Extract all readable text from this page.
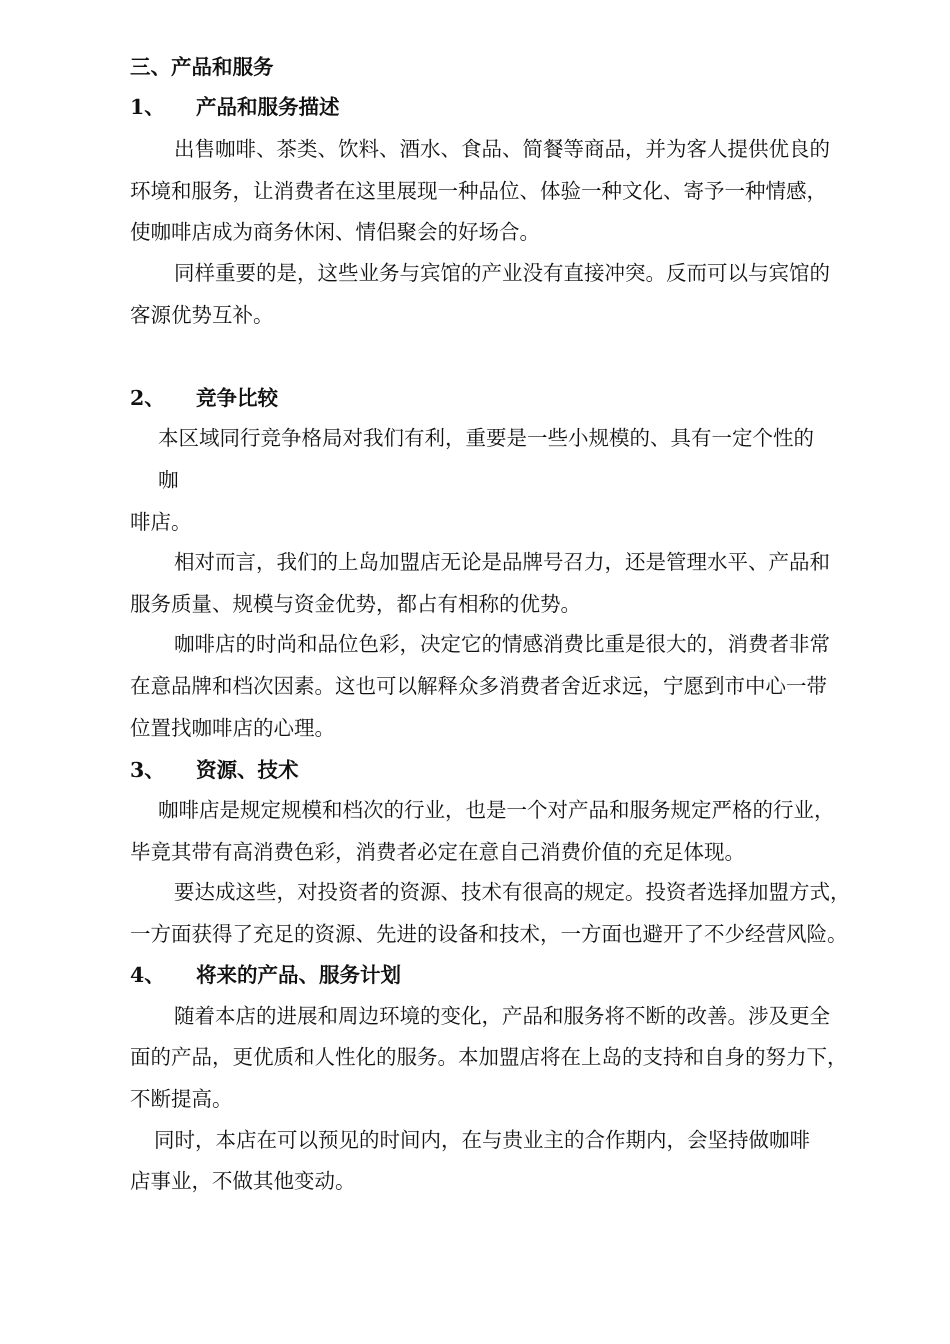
三、产品和服务

1、 产品和服务描述

出售咖啡、茶类、饮料、酒水、食品、简餐等商品，并为客人提供优良的

环境和服务，让消费者在这里展现一种品位、体验一种文化、寄予一种情感，

使咖啡店成为商务休闲、情侣聚会的好场合。

同样重要的是，这些业务与宾馆的产业没有直接冲突。反而可以与宾馆的

客源优势互补。

2、 竞争比较

本区域同行竞争格局对我们有利，重要是一些小规模的、具有一定个性的

咖

啡店。

相对而言，我们的上岛加盟店无论是品牌号召力，还是管理水平、产品和

服务质量、规模与资金优势，都占有相称的优势。

咖啡店的时尚和品位色彩，决定它的情感消费比重是很大的，消费者非常

在意品牌和档次因素。这也可以解释众多消费者舍近求远，宁愿到市中心一带

位置找咖啡店的心理。

3、 资源、技术

咖啡店是规定规模和档次的行业，也是一个对产品和服务规定严格的行业，

毕竟其带有高消费色彩，消费者必定在意自己消费价值的充足体现。

要达成这些，对投资者的资源、技术有很高的规定。投资者选择加盟方式，

一方面获得了充足的资源、先进的设备和技术，一方面也避开了不少经营风险。

4、 将来的产品、服务计划

随着本店的进展和周边环境的变化，产品和服务将不断的改善。涉及更全

面的产品，更优质和人性化的服务。本加盟店将在上岛的支持和自身的努力下，

不断提高。

同时，本店在可以预见的时间内，在与贵业主的合作期内，会坚持做咖啡

店事业，不做其他变动。
